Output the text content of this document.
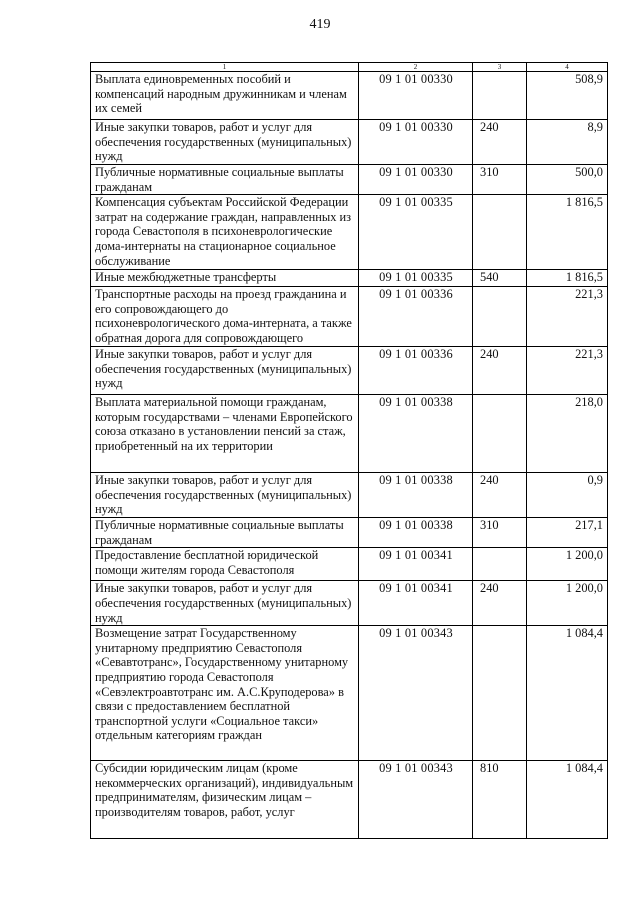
419
1	2	3	4
Выплата единовременных пособий и компенсаций народным дружинникам и членам их семей	09 1 01 00330		508,9
Иные закупки товаров, работ и услуг для обеспечения государственных (муниципальных) нужд	09 1 01 00330	240	8,9
Публичные нормативные социальные выплаты гражданам	09 1 01 00330	310	500,0
Компенсация субъектам Российской Федерации затрат на содержание граждан, направленных из города Севастополя в психоневрологические дома-интернаты на стационарное социальное обслуживание	09 1 01 00335		1 816,5
Иные межбюджетные трансферты	09 1 01 00335	540	1 816,5
Транспортные расходы на проезд гражданина и его сопровождающего до психоневрологического дома-интерната, а также обратная дорога для сопровождающего	09 1 01 00336		221,3
Иные закупки товаров, работ и услуг для обеспечения государственных (муниципальных) нужд	09 1 01 00336	240	221,3
Выплата материальной помощи гражданам, которым государствами – членами Европейского союза отказано в установлении пенсий за стаж, приобретенный на их территории	09 1 01 00338		218,0
Иные закупки товаров, работ и услуг для обеспечения государственных (муниципальных) нужд	09 1 01 00338	240	0,9
Публичные нормативные социальные выплаты гражданам	09 1 01 00338	310	217,1
Предоставление бесплатной юридической помощи жителям города Севастополя	09 1 01 00341		1 200,0
Иные закупки товаров, работ и услуг для обеспечения государственных (муниципальных) нужд	09 1 01 00341	240	1 200,0
Возмещение затрат Государственному унитарному предприятию Севастополя «Севавтотранс», Государственному унитарному предприятию города Севастополя «Севэлектроавтотранс им. А.С.Круподерова» в связи с предоставлением бесплатной транспортной услуги «Социальное такси» отдельным категориям граждан	09 1 01 00343		1 084,4
Субсидии юридическим лицам (кроме некоммерческих организаций), индивидуальным предпринимателям, физическим лицам – производителям товаров, работ, услуг	09 1 01 00343	810	1 084,4
